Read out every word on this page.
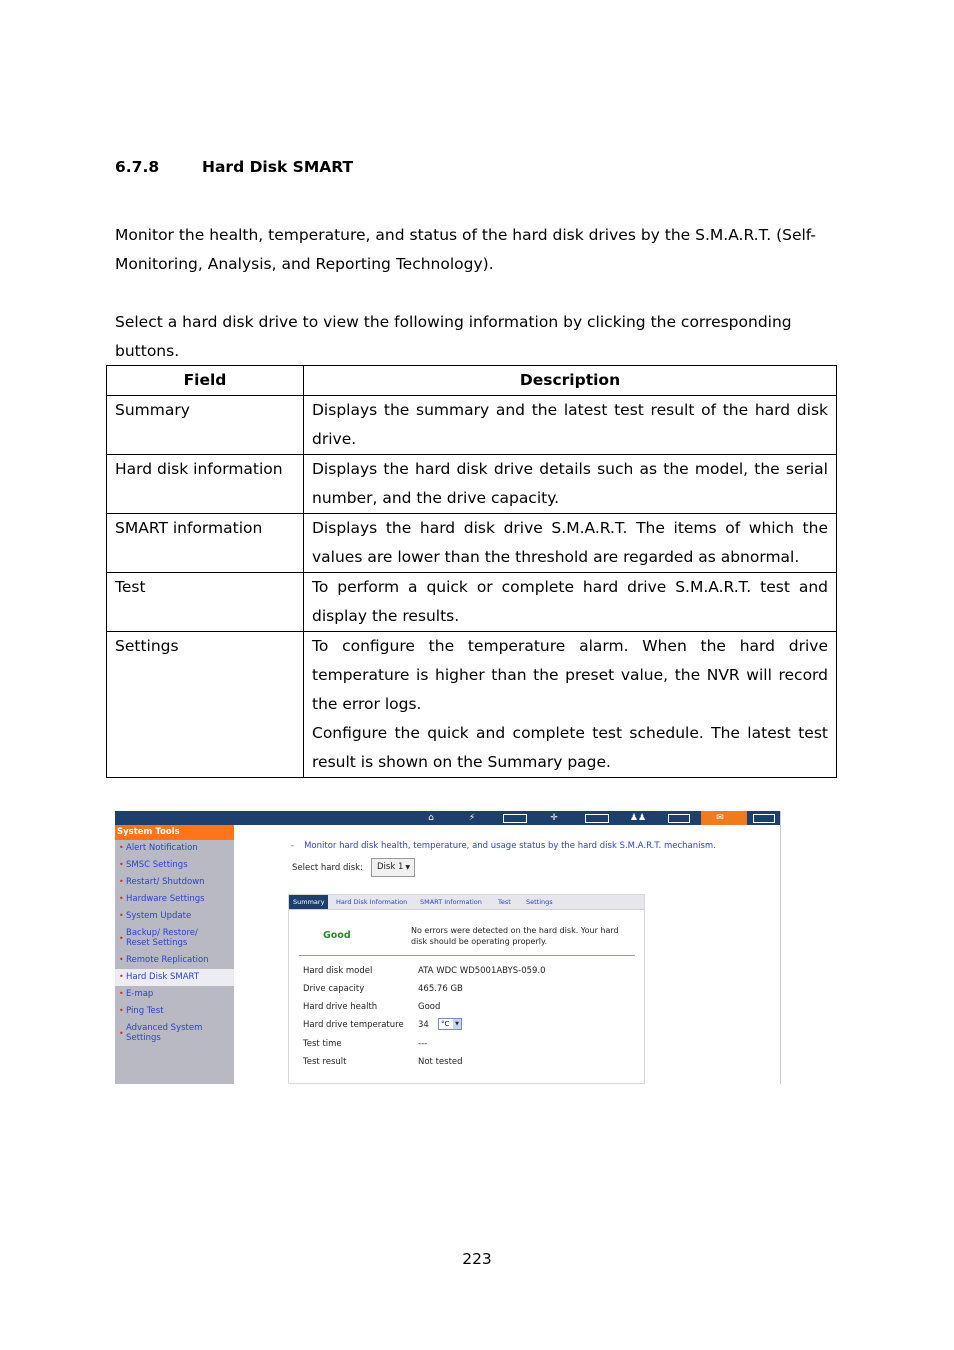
6.7.8	Hard Disk SMART

Monitor the health, temperature, and status of the hard disk drives by the S.M.A.R.T. (Self-Monitoring, Analysis, and Reporting Technology).

Select a hard disk drive to view the following information by clicking the corresponding buttons.

Field	Description
Summary	Displays the summary and the latest test result of the hard disk drive.
Hard disk information	Displays the hard disk drive details such as the model, the serial number, and the drive capacity.
SMART information	Displays the hard disk drive S.M.A.R.T. The items of which the values are lower than the threshold are regarded as abnormal.
Test	To perform a quick or complete hard drive S.M.A.R.T. test and display the results.
Settings	To configure the temperature alarm. When the hard drive temperature is higher than the preset value, the NVR will record the error logs.
Configure the quick and complete test schedule. The latest test result is shown on the Summary page.
⌂	⚡	✛	♟♟	✉
System Tools
• Alert Notification
• SMSC Settings
• Restart/ Shutdown
• Hardware Settings
• System Update
•
Backup/ Restore/ Reset Settings
• Remote Replication
• Hard Disk SMART
• E-map
• Ping Test
•
Advanced System Settings
- Monitor hard disk health, temperature, and usage status by the hard disk S.M.A.R.T. mechanism.
Select hard disk:	Disk 1 ▼
Summary	Hard Disk Information SMART Information Test Settings
Good	No errors were detected on the hard disk. Your hard disk should be operating properly.
Hard disk model	ATA WDC WD5001ABYS-059.0
Drive capacity	465.76 GB
Hard drive health	Good
Hard drive temperature 34	°C	▼
Test time	---
Test result	Not tested
223
